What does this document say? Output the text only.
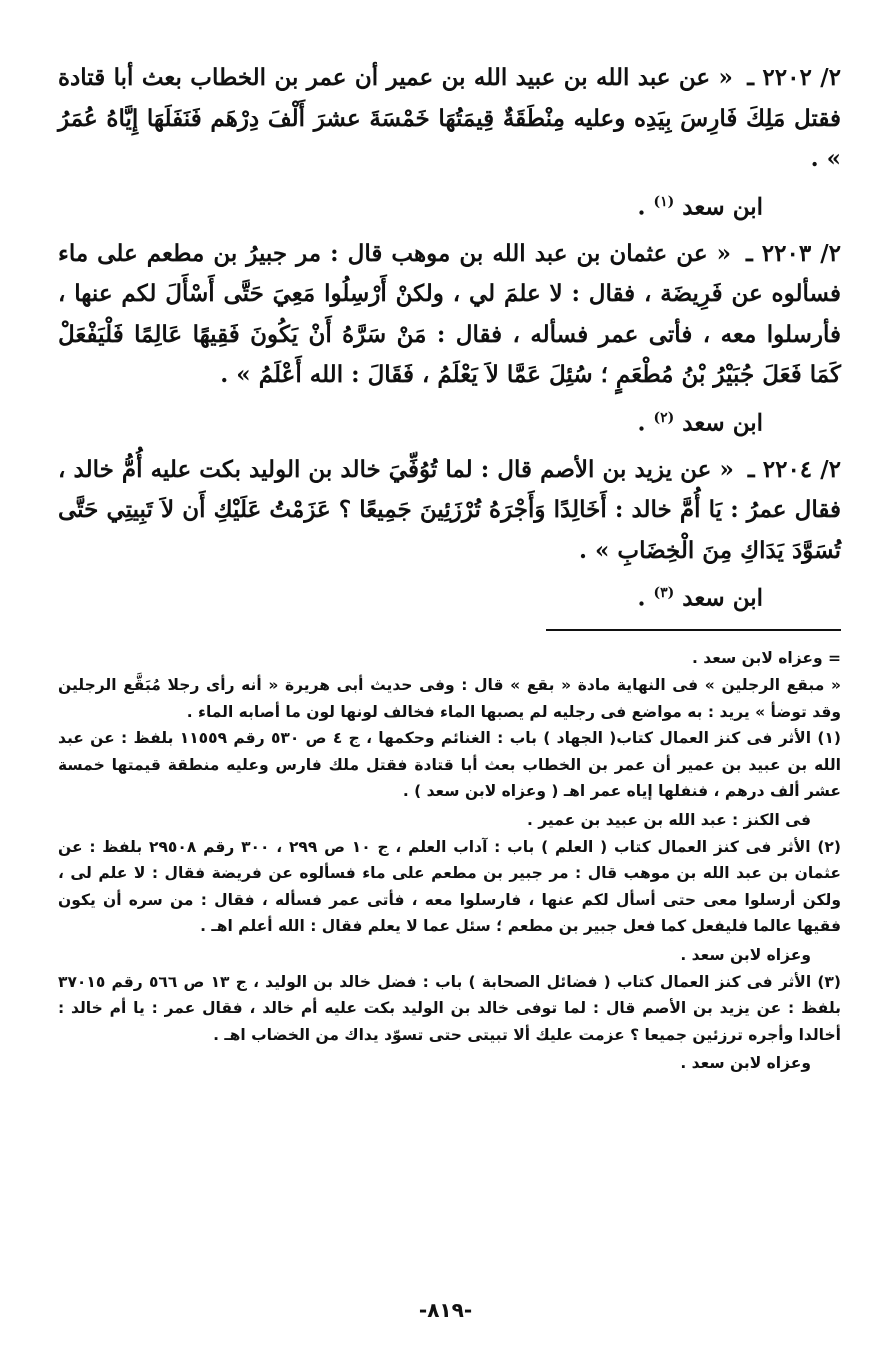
٢/ ٢٢٠٢ ـ « عن عبد الله بن عبيد الله بن عمير أن عمر بن الخطاب بعث أبا قتادة فقتل مَلِكَ فَارِسَ بِيَدِه وعليه مِنْطَقَةٌ قِيمَتُهَا خَمْسَةَ عشرَ أَلْفَ دِرْهَم فَنَفَلَهَا إِيَّاهُ عُمَرُ » .

ابن سعد $^{(١)}$ .

٢/ ٢٢٠٣ ـ « عن عثمان بن عبد الله بن موهب قال : مر جبيرُ بن مطعم على ماء فسألوه عن فَرِيضَة ، فقال : لا علمَ لي ، ولكنْ أَرْسِلُوا مَعِيَ حَتَّى أَسْأَلَ لكم عنها ، فأرسلوا معه ، فأتى عمر فسأله ، فقال : مَنْ سَرَّهُ أَنْ يَكُونَ فَقِيهًا عَالِمًا فَلْيَفْعَلْ كَمَا فَعَلَ جُبَيْرُ بْنُ مُطْعَمٍ ؛ سُئِلَ عَمَّا لاَ يَعْلَمُ ، فَقَالَ : الله أَعْلَمُ » .

ابن سعد $^{(٢)}$ .

٢/ ٢٢٠٤ ـ « عن يزيد بن الأصم قال : لما تُوُفِّيَ خالد بن الوليد بكت عليه أُمُّ خالد ، فقال عمرُ : يَا أُمَّ خالد : أَخَالِدًا وَأَجْرَهُ تُرْزَئِينَ جَمِيعًا ؟ عَزَمْتُ عَلَيْكِ أَن لاَ تَبِيتِي حَتَّى تُسَوَّدَ يَدَاكِ مِنَ الْخِضَابِ » .

ابن سعد $^{(٣)}$ .

= وعزاه لابن سعد .

« مبقع الرجلين » فى النهاية مادة « بقع » قال : وفى حديث أبى هريرة « أنه رأى رجلا مُبَقَّع الرجلين وقد توضأ » يريد : به مواضع فى رجليه لم يصبها الماء فخالف لونها لون ما أصابه الماء .

(١) الأثر فى كنز العمال كتاب( الجهاد ) باب : الغنائم وحكمها ، ج ٤ ص ٥٣٠ رقم ١١٥٥٩ بلفظ : عن عبد الله بن عبيد بن عمير أن عمر بن الخطاب بعث أبا قتادة فقتل ملك فارس وعليه منطقة قيمتها خمسة عشر ألف درهم ، فنفلها إياه عمر اهـ ( وعزاه لابن سعد ) .

فى الكنز : عبد الله بن عبيد بن عمير .

(٢) الأثر فى كنز العمال كتاب ( العلم ) باب : آداب العلم ، ج ١٠ ص ٢٩٩ ، ٣٠٠ رقم ٢٩٥٠٨ بلفظ : عن عثمان بن عبد الله بن موهب قال : مر جبير بن مطعم على ماء فسألوه عن فريضة فقال : لا علم لى ، ولكن أرسلوا معى حتى أسأل لكم عنها ، فارسلوا معه ، فأتى عمر فسأله ، فقال : من سره أن يكون فقيها عالما فليفعل كما فعل جبير بن مطعم ؛ سئل عما لا يعلم فقال : الله أعلم اهـ .

وعزاه لابن سعد .

(٣) الأثر فى كنز العمال كتاب ( فضائل الصحابة ) باب : فضل خالد بن الوليد ، ج ١٣ ص ٥٦٦ رقم ٣٧٠١٥ بلفظ : عن يزيد بن الأصم قال : لما توفى خالد بن الوليد بكت عليه أم خالد ، فقال عمر : يا أم خالد : أخالدا وأجره ترزئين جميعا ؟ عزمت عليك ألا تبيتى حتى تسوّد يداك من الخضاب اهـ .

وعزاه لابن سعد .

-٨١٩-
